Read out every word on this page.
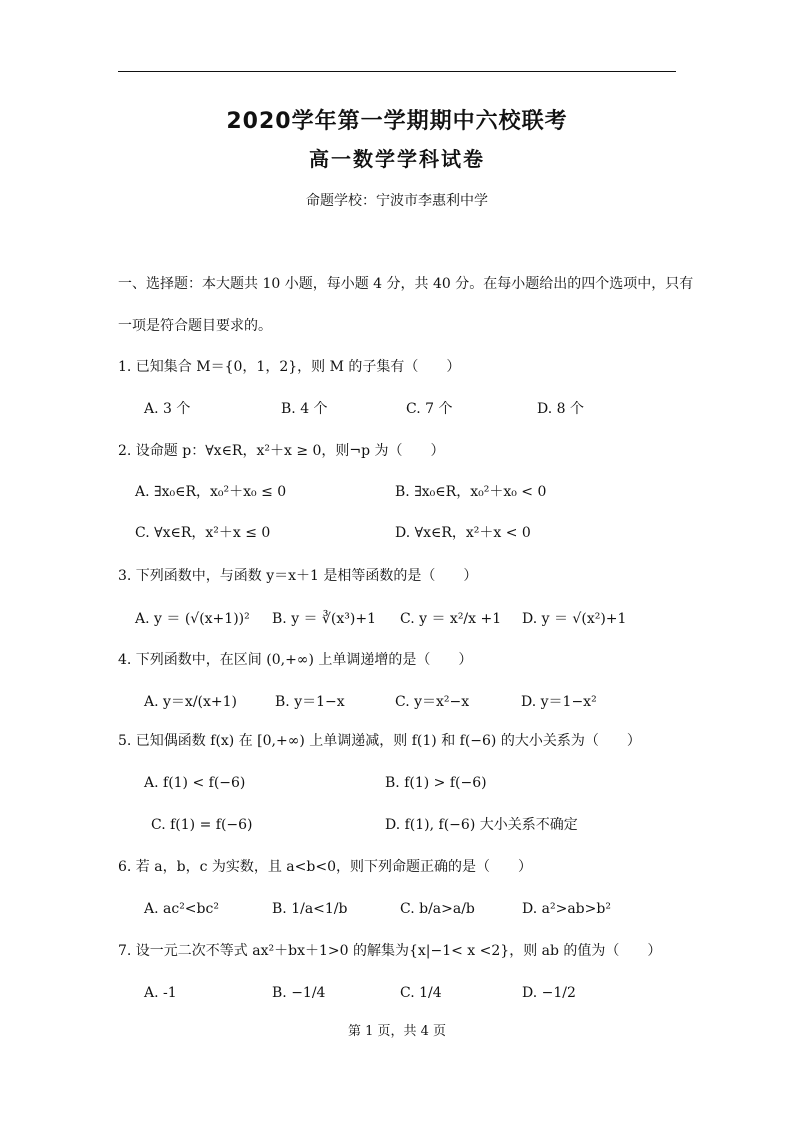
2020学年第一学期期中六校联考
高一数学学科试卷
命题学校：宁波市李惠利中学
一、选择题：本大题共 10 小题，每小题 4 分，共 40 分。在每小题给出的四个选项中，只有
一项是符合题目要求的。
1. 已知集合 M＝{0，1，2}，则 M 的子集有（　　）
A. 3 个	B. 4 个	C. 7 个	D. 8 个
2. 设命题 p：∀x∈R，x²＋x ≥ 0，则¬p 为（　　）
A. ∃x₀∈R，x₀²＋x₀ ≤ 0	B. ∃x₀∈R，x₀²＋x₀ < 0
C. ∀x∈R，x²＋x ≤ 0	D. ∀x∈R，x²＋x < 0
3. 下列函数中，与函数 y＝x＋1 是相等函数的是（　　）
A. y ＝ (√(x+1))² B. y ＝ ∛(x³)+1 C. y ＝ x²/x +1 D. y ＝ √(x²)+1
4. 下列函数中，在区间 (0,+∞) 上单调递增的是（　　）
A. y＝x/(x+1)	B. y＝1−x	C. y＝x²−x	D. y＝1−x²
5. 已知偶函数 f(x) 在 [0,+∞) 上单调递减，则 f(1) 和 f(−6) 的大小关系为（　　）
A. f(1) < f(−6)	B. f(1) > f(−6)
C. f(1) = f(−6)	D. f(1), f(−6) 大小关系不确定
6. 若 a，b，c 为实数，且 a<b<0，则下列命题正确的是（　　）
A. ac²<bc²	B. 1/a<1/b	C. b/a>a/b	D. a²>ab>b²
7. 设一元二次不等式 ax²＋bx＋1>0 的解集为{x|−1< x <2}，则 ab 的值为（　　）
A. -1	B. −1/4	C. 1/4	D. −1/2
第 1 页，共 4 页
